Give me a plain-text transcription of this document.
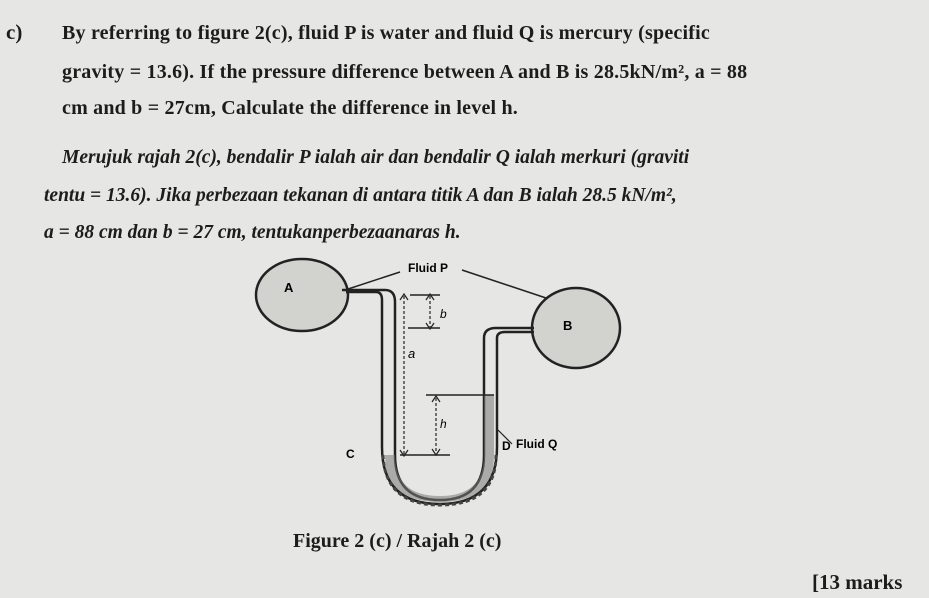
c) By referring to figure 2(c), fluid P is water and fluid Q is mercury (specific
gravity = 13.6). If the pressure difference between A and B is 28.5kN/m², a = 88
cm and b = 27cm, Calculate the difference in level h.
Merujuk rajah 2(c), bendalir P ialah air dan bendalir Q ialah merkuri (graviti
tentu = 13.6). Jika perbezaan tekanan di antara titik A dan B ialah 28.5 kN/m²,
a = 88 cm dan b = 27 cm, tentukanperbezaanaras h.
Fluid P
A
B
C
D Fluid Q
a
b
h
Figure 2 (c) / Rajah 2 (c)
[13 marks
